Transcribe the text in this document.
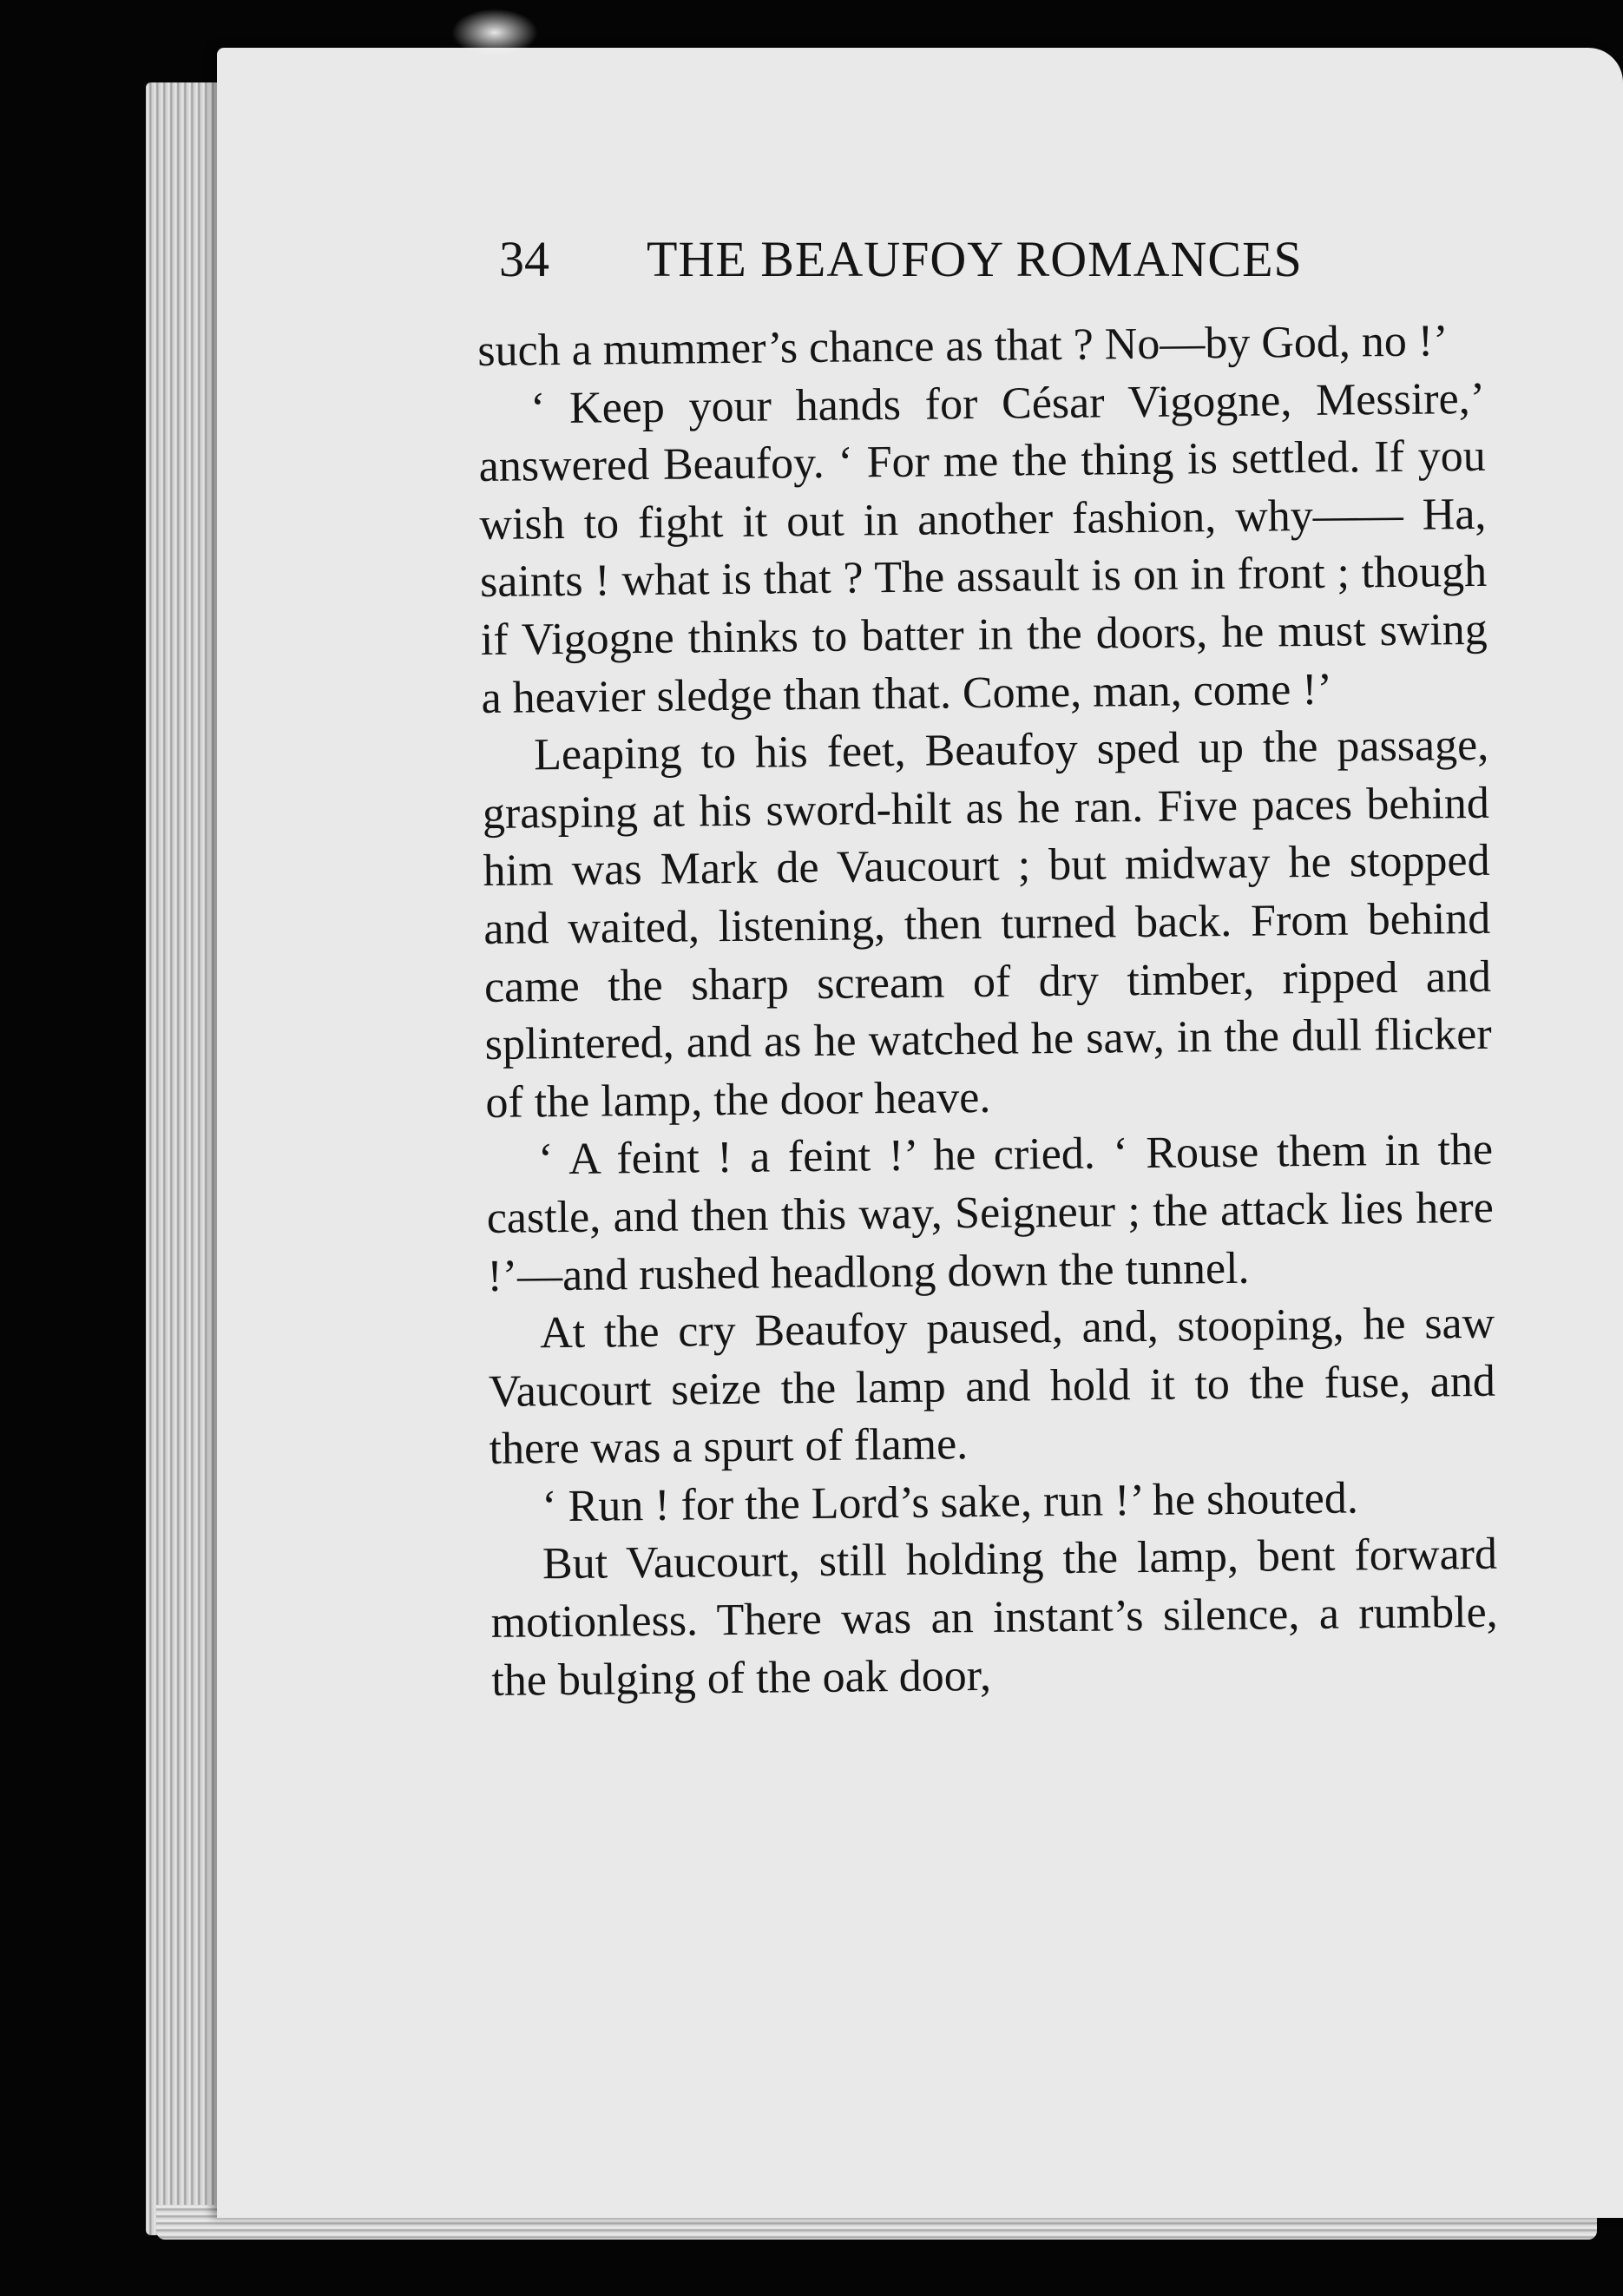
34 THE BEAUFOY ROMANCES

such a mummer’s chance as that ? No—by God, no !’

‘ Keep your hands for César Vigogne, Messire,’ answered Beaufoy. ‘ For me the thing is settled. If you wish to fight it out in another fashion, why—— Ha, saints ! what is that ? The assault is on in front ; though if Vigogne thinks to batter in the doors, he must swing a heavier sledge than that. Come, man, come !’

Leaping to his feet, Beaufoy sped up the passage, grasping at his sword-hilt as he ran. Five paces behind him was Mark de Vaucourt ; but midway he stopped and waited, listening, then turned back. From behind came the sharp scream of dry timber, ripped and splintered, and as he watched he saw, in the dull flicker of the lamp, the door heave.

‘ A feint ! a feint !’ he cried. ‘ Rouse them in the castle, and then this way, Seigneur ; the attack lies here !’—and rushed headlong down the tunnel.

At the cry Beaufoy paused, and, stooping, he saw Vaucourt seize the lamp and hold it to the fuse, and there was a spurt of flame.

‘ Run ! for the Lord’s sake, run !’ he shouted.

But Vaucourt, still holding the lamp, bent forward motionless. There was an instant’s silence, a rumble, the bulging of the oak door,
